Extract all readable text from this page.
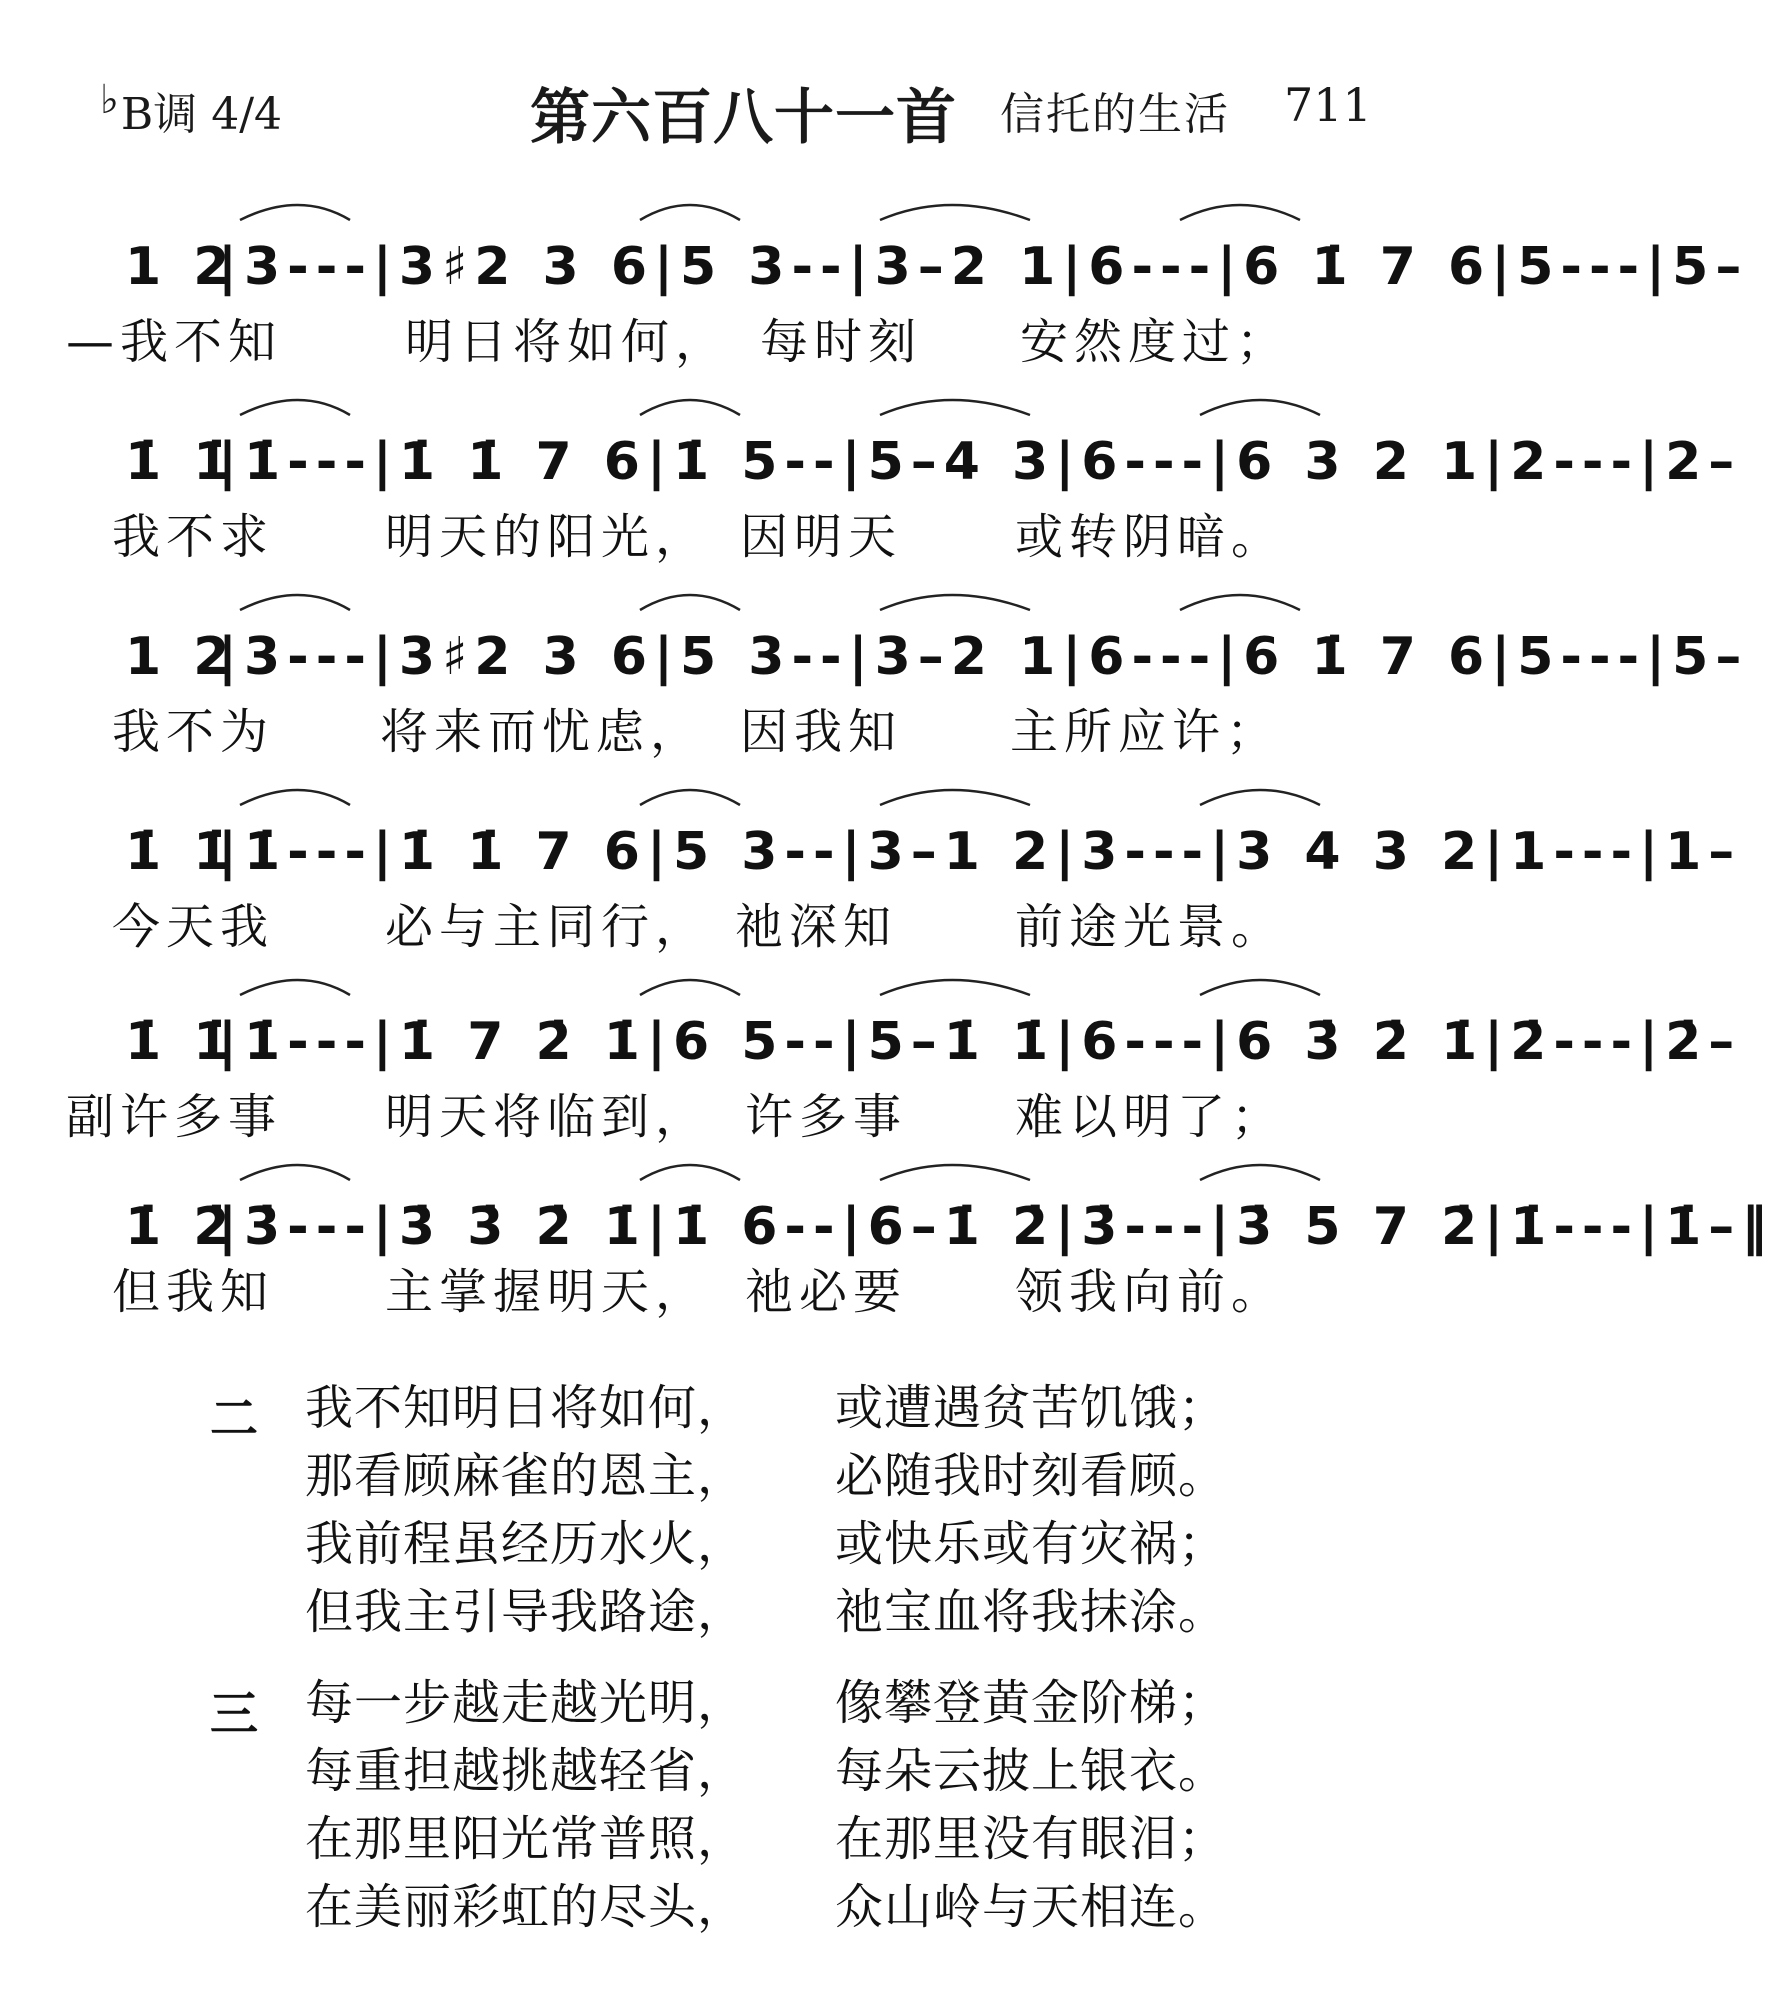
♭B调 4/4	第六百八十一首 信托的生活 711
1 2
|3---|3♯2 3 6|5 3--|3–2 1|6---|6 1̇ 7 6|5---|5–
—我不知	明日将如何， 每时刻 安然度过；
1̇ 1̇
|1̇---|1̇ 1̇ 7 6|1̇ 5--|5–4 3|6---|6 3 2 1|2---|2–
我不求 明天的阳光， 因明天 或转阴暗。
1 2
|3---|3♯2 3 6|5 3--|3–2 1|6---|6 1̇ 7 6|5---|5–
我不为 将来而忧虑， 因我知 主所应许；
1̇ 1̇
|1̇---|1̇ 1̇ 7 6|5 3--|3–1 2|3---|3 4 3 2|1---|1–
今天我 必与主同行， 祂深知 前途光景。
1̇ 1̇
|1̇---|1̇ 7 2̇ 1̇|6 5--|5–1̇ 1̇|6---|6 3̇ 2̇ 1̇|2̇---|2̇–
副许多事 明天将临到， 许多事 难以明了；
1̇ 2̇
|3̇---|3̇ 3̇ 2̇ 1̇|1̇ 6--|6–1̇ 2̇|3̇---|3̇ 5 7 2̇|1̇---|1̇–‖
但我知 主掌握明天， 祂必要 领我向前。
二 我不知明日将如何， 或遭遇贫苦饥饿；
那看顾麻雀的恩主， 必随我时刻看顾。
我前程虽经历水火， 或快乐或有灾祸；
但我主引导我路途， 祂宝血将我抹涂。
三 每一步越走越光明， 像攀登黄金阶梯；
每重担越挑越轻省， 每朵云披上银衣。
在那里阳光常普照， 在那里没有眼泪；
在美丽彩虹的尽头， 众山岭与天相连。
